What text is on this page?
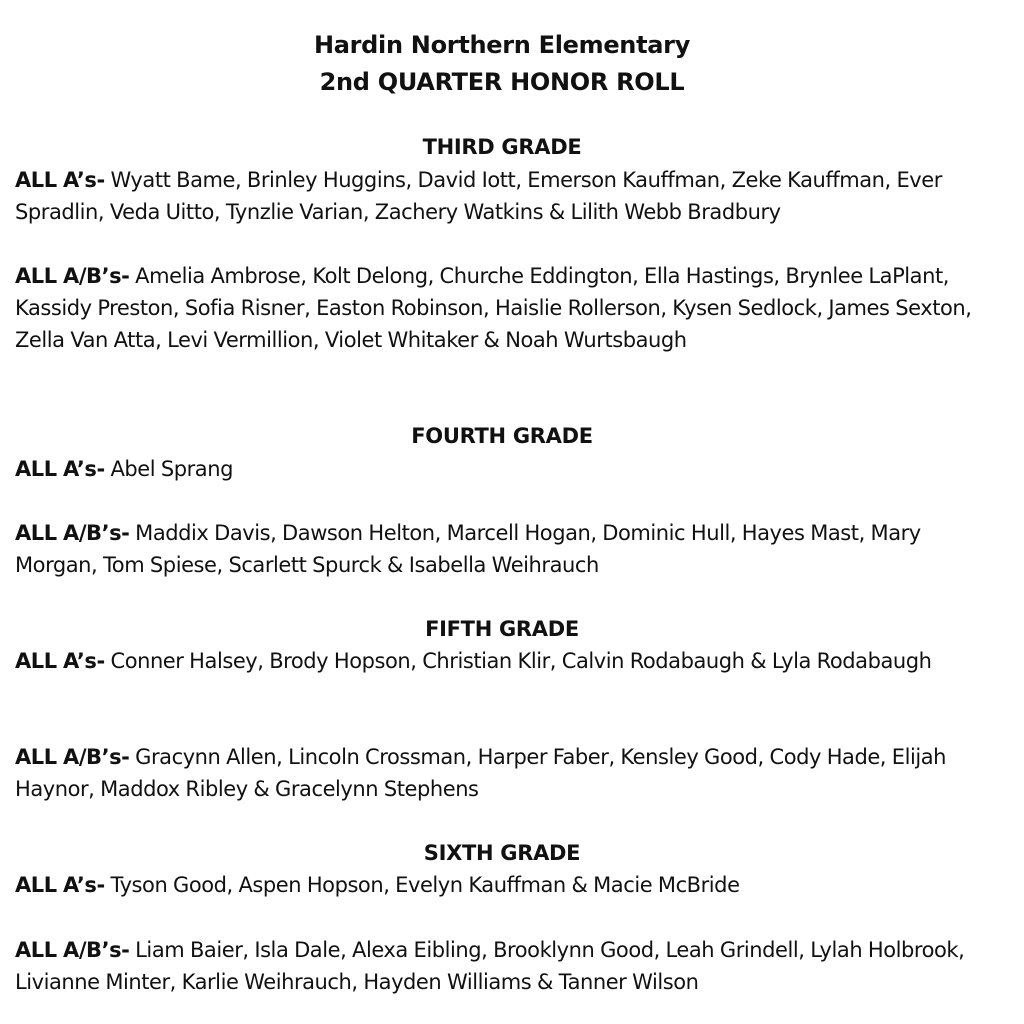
Hardin Northern Elementary
2nd QUARTER HONOR ROLL
THIRD GRADE
ALL A’s- Wyatt Bame, Brinley Huggins, David Iott, Emerson Kauffman, Zeke Kauffman, Ever Spradlin, Veda Uitto, Tynzlie Varian, Zachery Watkins & Lilith Webb Bradbury
ALL A/B’s- Amelia Ambrose, Kolt Delong, Churche Eddington, Ella Hastings, Brynlee LaPlant, Kassidy Preston, Sofia Risner, Easton Robinson, Haislie Rollerson, Kysen Sedlock, James Sexton, Zella Van Atta, Levi Vermillion, Violet Whitaker & Noah Wurtsbaugh
FOURTH GRADE
ALL A’s- Abel Sprang
ALL A/B’s- Maddix Davis, Dawson Helton, Marcell Hogan, Dominic Hull, Hayes Mast, Mary Morgan, Tom Spiese, Scarlett Spurck & Isabella Weihrauch
FIFTH GRADE
ALL A’s- Conner Halsey, Brody Hopson, Christian Klir, Calvin Rodabaugh & Lyla Rodabaugh
ALL A/B’s- Gracynn Allen, Lincoln Crossman, Harper Faber, Kensley Good, Cody Hade, Elijah Haynor, Maddox Ribley & Gracelynn Stephens
SIXTH GRADE
ALL A’s- Tyson Good, Aspen Hopson, Evelyn Kauffman & Macie McBride
ALL A/B’s- Liam Baier, Isla Dale, Alexa Eibling, Brooklynn Good, Leah Grindell, Lylah Holbrook, Livianne Minter, Karlie Weihrauch, Hayden Williams & Tanner Wilson
